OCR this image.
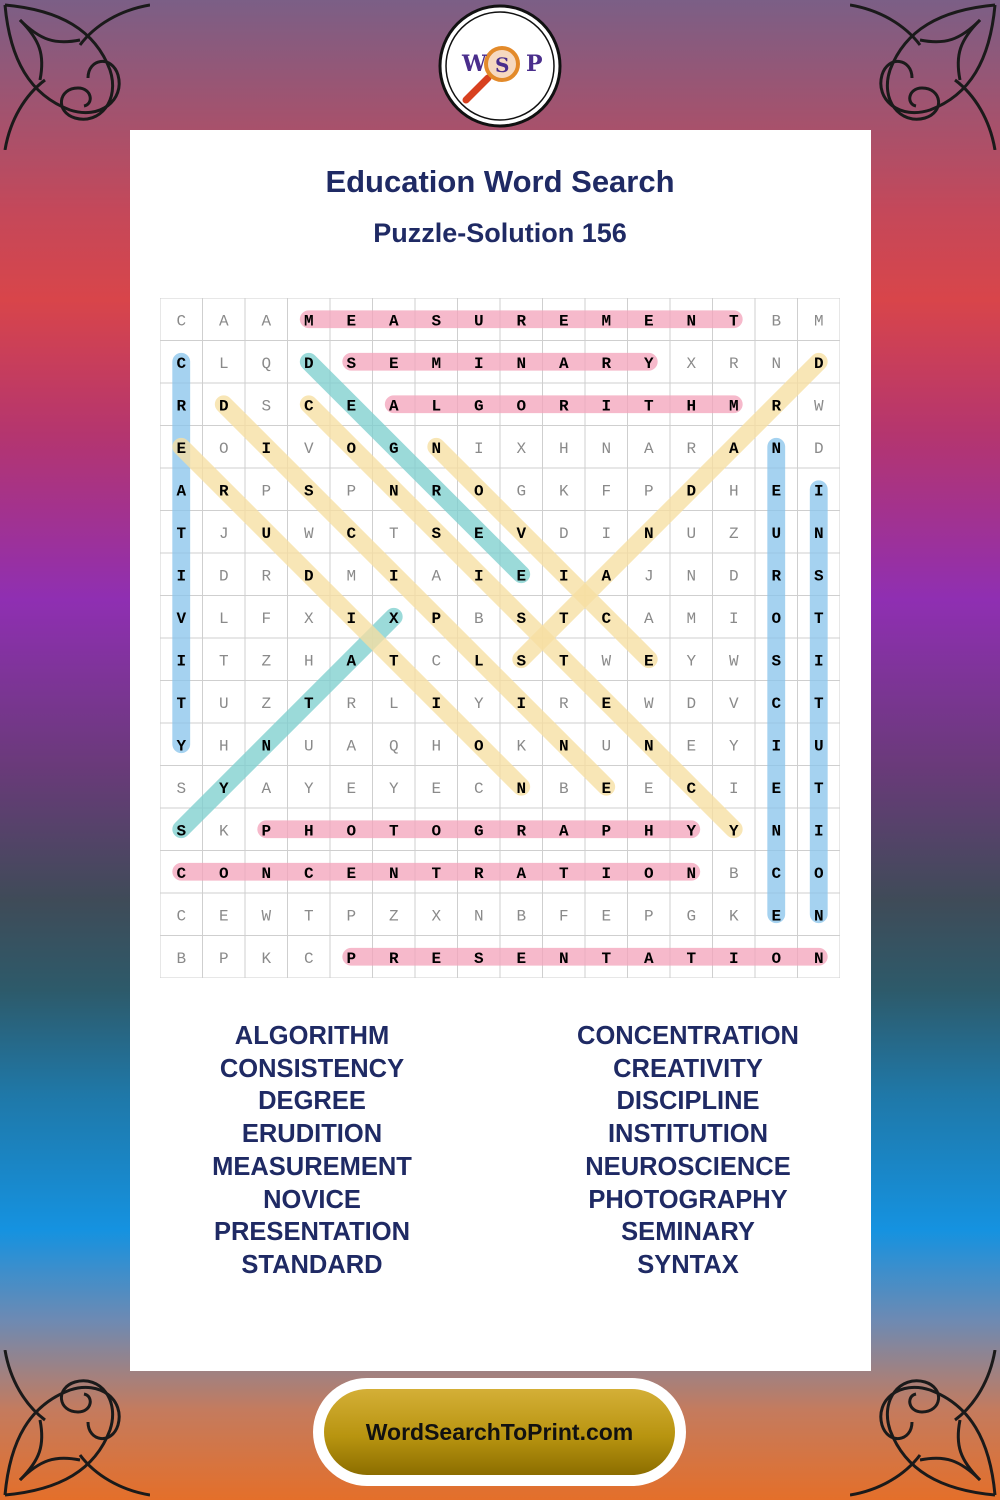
W S P
Education Word Search
Puzzle-Solution 156
C A A M E A S U R E M E N T B M
C L Q D S E M I N A R Y X R N D
R D S C E A L G O R I T H M R W
E O I V O G N I X H N A R A N D
A R P S P N R O G K F P D H E I
T J U W C T S E V D I N U Z U N
I D R D M I A I E I A J N D R S
V L F X I X P B S T C A M I O T
I T Z H A T C L S T W E Y W S I
T U Z T R L I Y I R E W D V C T
Y H N U A Q H O K N U N E Y I U
S Y A Y E Y E C N B E E C I E T
S K P H O T O G R A P H Y Y N I
C O N C E N T R A T I O N B C O
C E W T P Z X N B F E P G K E N
B P K C P R E S E N T A T I O N
ALGORITHM
CONSISTENCY
DEGREE
ERUDITION
MEASUREMENT
NOVICE
PRESENTATION
STANDARD
CONCENTRATION
CREATIVITY
DISCIPLINE
INSTITUTION
NEUROSCIENCE
PHOTOGRAPHY
SEMINARY
SYNTAX
WordSearchToPrint.com
